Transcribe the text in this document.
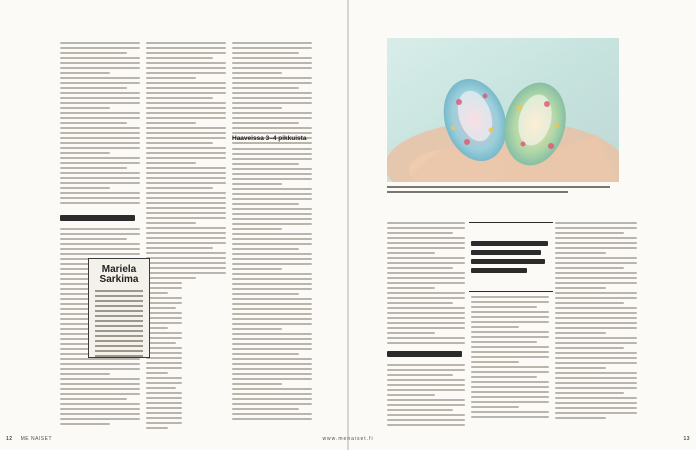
Mariela Sarkima
Haaveissa 3–4 pikkuista
12 ME NAISET	13
www.menaiset.fi
